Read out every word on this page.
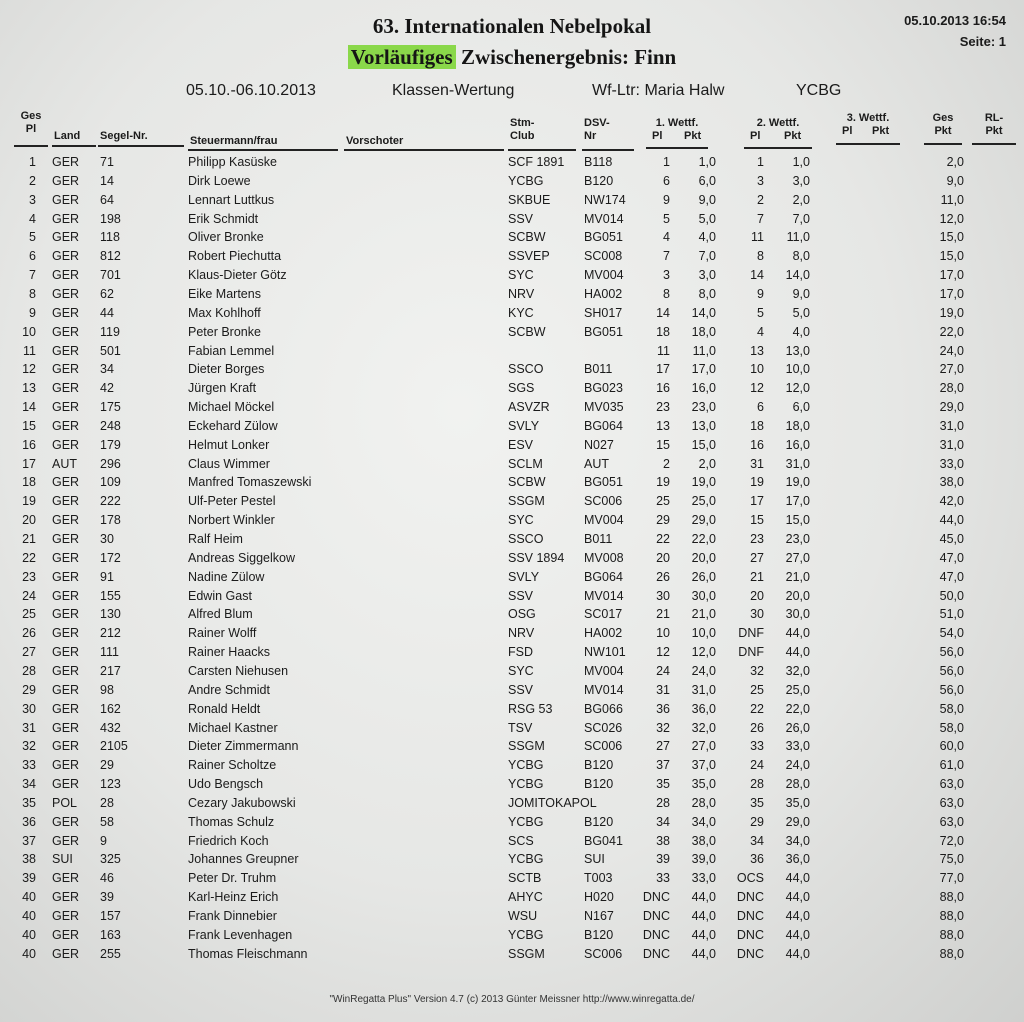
63. Internationalen Nebelpokal
Vorläufiges Zwischenergebnis: Finn
05.10.2013 16:54
Seite: 1
05.10.-06.10.2013	Klassen-Wertung	Wf-Ltr: Maria Halw	YCBG
Ges
Pl
Land Segel-Nr.	Steuermann/frau	Vorschoter
Stm-
Club
DSV-
Nr
1. Wettf.
Pl Pkt
2. Wettf.
Pl Pkt
3. Wettf.
Pl Pkt
Ges
Pkt
RL-
Pkt
1 GER	71	Philipp Kasüske	SCF 1891	B118	1	1,0	1	1,0	2,0
2 GER	14	Dirk Loewe	YCBG	B120	6	6,0	3	3,0	9,0
3 GER	64	Lennart Luttkus	SKBUE	NW174	9	9,0	2	2,0	11,0
4 GER	198	Erik Schmidt	SSV	MV014	5	5,0	7	7,0	12,0
5 GER	118	Oliver Bronke	SCBW	BG051	4	4,0	11	11,0	15,0
6 GER	812	Robert Piechutta	SSVEP	SC008	7	7,0	8	8,0	15,0
7 GER	701	Klaus-Dieter Götz	SYC	MV004	3	3,0	14	14,0	17,0
8 GER	62	Eike Martens	NRV	HA002	8	8,0	9	9,0	17,0
9 GER	44	Max Kohlhoff	KYC	SH017	14	14,0	5	5,0	19,0
10 GER	119	Peter Bronke	SCBW	BG051	18	18,0	4	4,0	22,0
11 GER	501	Fabian Lemmel	11	11,0	13	13,0	24,0
12 GER	34	Dieter Borges	SSCO	B011	17	17,0	10	10,0	27,0
13 GER	42	Jürgen Kraft	SGS	BG023	16	16,0	12	12,0	28,0
14 GER	175	Michael Möckel	ASVZR	MV035	23	23,0	6	6,0	29,0
15 GER	248	Eckehard Zülow	SVLY	BG064	13	13,0	18	18,0	31,0
16 GER	179	Helmut Lonker	ESV	N027	15	15,0	16	16,0	31,0
17 AUT	296	Claus Wimmer	SCLM	AUT	2	2,0	31	31,0	33,0
18 GER	109	Manfred Tomaszewski	SCBW	BG051	19	19,0	19	19,0	38,0
19 GER	222	Ulf-Peter Pestel	SSGM	SC006	25	25,0	17	17,0	42,0
20 GER	178	Norbert Winkler	SYC	MV004	29	29,0	15	15,0	44,0
21 GER	30	Ralf Heim	SSCO	B011	22	22,0	23	23,0	45,0
22 GER	172	Andreas Siggelkow	SSV 1894	MV008	20	20,0	27	27,0	47,0
23 GER	91	Nadine Zülow	SVLY	BG064	26	26,0	21	21,0	47,0
24 GER	155	Edwin Gast	SSV	MV014	30	30,0	20	20,0	50,0
25 GER	130	Alfred Blum	OSG	SC017	21	21,0	30	30,0	51,0
26 GER	212	Rainer Wolff	NRV	HA002	10	10,0	DNF	44,0	54,0
27 GER	111	Rainer Haacks	FSD	NW101	12	12,0	DNF	44,0	56,0
28 GER	217	Carsten Niehusen	SYC	MV004	24	24,0	32	32,0	56,0
29 GER	98	Andre Schmidt	SSV	MV014	31	31,0	25	25,0	56,0
30 GER	162	Ronald Heldt	RSG 53	BG066	36	36,0	22	22,0	58,0
31 GER	432	Michael Kastner	TSV	SC026	32	32,0	26	26,0	58,0
32 GER	2105	Dieter Zimmermann	SSGM	SC006	27	27,0	33	33,0	60,0
33 GER	29	Rainer Scholtze	YCBG	B120	37	37,0	24	24,0	61,0
34 GER	123	Udo Bengsch	YCBG	B120	35	35,0	28	28,0	63,0
35 POL	28	Cezary Jakubowski	JOMITOKAPOL	28	28,0	35	35,0	63,0
36 GER	58	Thomas Schulz	YCBG	B120	34	34,0	29	29,0	63,0
37 GER	9	Friedrich Koch	SCS	BG041	38	38,0	34	34,0	72,0
38 SUI	325	Johannes Greupner	YCBG	SUI	39	39,0	36	36,0	75,0
39 GER	46	Peter Dr. Truhm	SCTB	T003	33	33,0	OCS	44,0	77,0
40 GER	39	Karl-Heinz Erich	AHYC	H020	DNC	44,0	DNC	44,0	88,0
40 GER	157	Frank Dinnebier	WSU	N167	DNC	44,0	DNC	44,0	88,0
40 GER	163	Frank Levenhagen	YCBG	B120	DNC	44,0	DNC	44,0	88,0
40 GER	255	Thomas Fleischmann	SSGM	SC006	DNC	44,0	DNC	44,0	88,0
"WinRegatta Plus" Version 4.7 (c) 2013 Günter Meissner http://www.winregatta.de/
